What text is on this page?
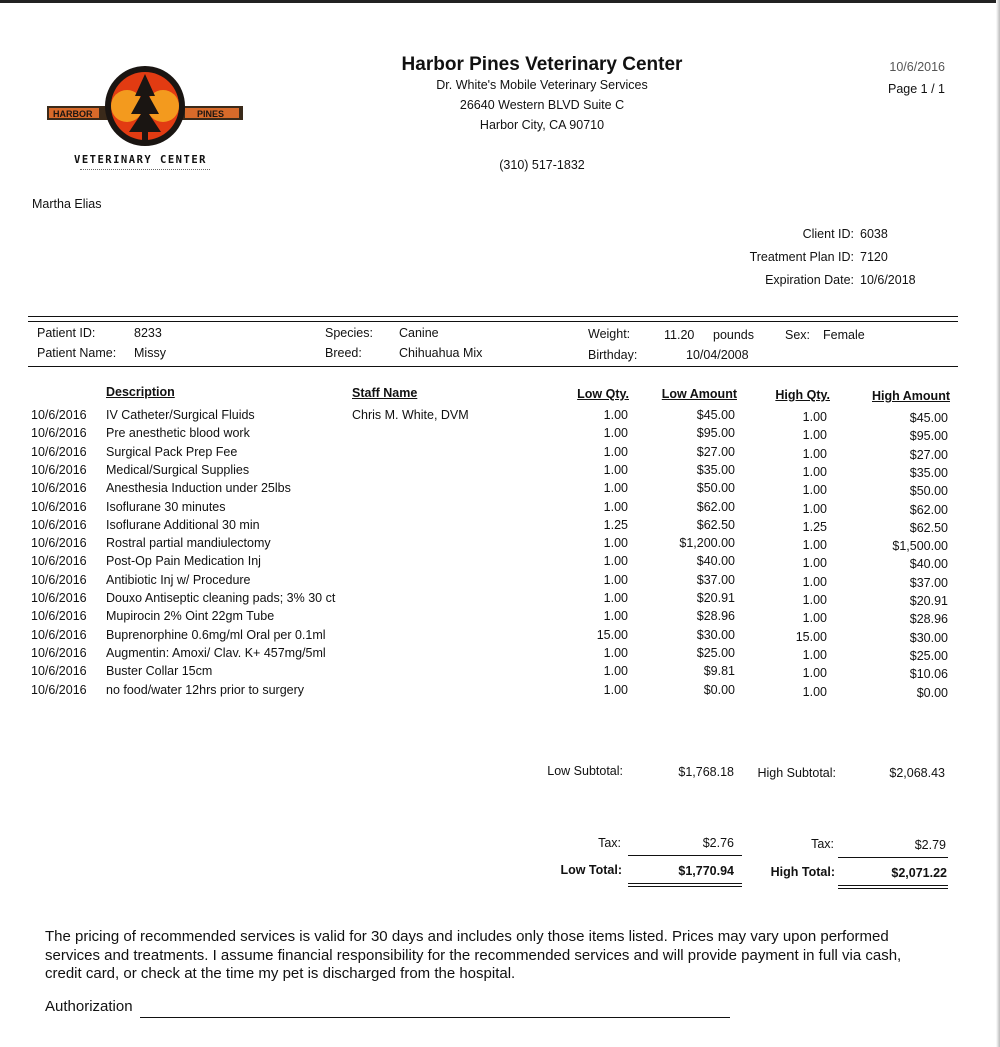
HARBOR	PINES
VETERINARY CENTER
Harbor Pines Veterinary Center
Dr. White's Mobile Veterinary Services
26640 Western BLVD Suite C
Harbor City, CA 90710
(310) 517-1832
10/6/2016
Page 1 / 1
Martha Elias
Client ID: 6038
Treatment Plan ID: 7120
Expiration Date: 10/6/2018
Patient ID:	8233
Patient Name: Missy
Species: Canine
Breed:	Chihuahua Mix
Weight:	11.20 pounds
Birthday:	10/04/2008
Sex: Female
Description	Staff Name	Low Qty.	Low Amount	High Qty.	High Amount
10/6/2016 IV Catheter/Surgical Fluids	Chris M. White, DVM	1.00	$45.00	1.00	$45.00
10/6/2016 Pre anesthetic blood work	1.00	$95.00	1.00	$95.00
10/6/2016 Surgical Pack Prep Fee	1.00	$27.00	1.00	$27.00
10/6/2016 Medical/Surgical Supplies	1.00	$35.00	1.00	$35.00
10/6/2016 Anesthesia Induction under 25lbs	1.00	$50.00	1.00	$50.00
10/6/2016 Isoflurane 30 minutes	1.00	$62.00	1.00	$62.00
10/6/2016 Isoflurane Additional 30 min	1.25	$62.50	1.25	$62.50
10/6/2016 Rostral partial mandiulectomy	1.00	$1,200.00	1.00	$1,500.00
10/6/2016 Post-Op Pain Medication Inj	1.00	$40.00	1.00	$40.00
10/6/2016 Antibiotic Inj w/ Procedure	1.00	$37.00	1.00	$37.00
10/6/2016 Douxo Antiseptic cleaning pads; 3% 30 ct	1.00	$20.91	1.00	$20.91
10/6/2016 Mupirocin 2% Oint 22gm Tube	1.00	$28.96	1.00	$28.96
10/6/2016 Buprenorphine 0.6mg/ml Oral per 0.1ml	15.00	$30.00	15.00	$30.00
10/6/2016 Augmentin: Amoxi/ Clav. K+ 457mg/5ml	1.00	$25.00	1.00	$25.00
10/6/2016 Buster Collar 15cm	1.00	$9.81	1.00	$10.06
10/6/2016 no food/water 12hrs prior to surgery	1.00	$0.00	1.00	$0.00
Low Subtotal:	$1,768.18 High Subtotal:	$2,068.43
Tax:	$2.76	Tax:	$2.79
Low Total:	$1,770.94	High Total:	$2,071.22
The pricing of recommended services is valid for 30 days and includes only those items listed. Prices may vary upon performed services and treatments. I assume financial responsibility for the recommended services and will provide payment in full via cash, credit card, or check at the time my pet is discharged from the hospital.
Authorization
